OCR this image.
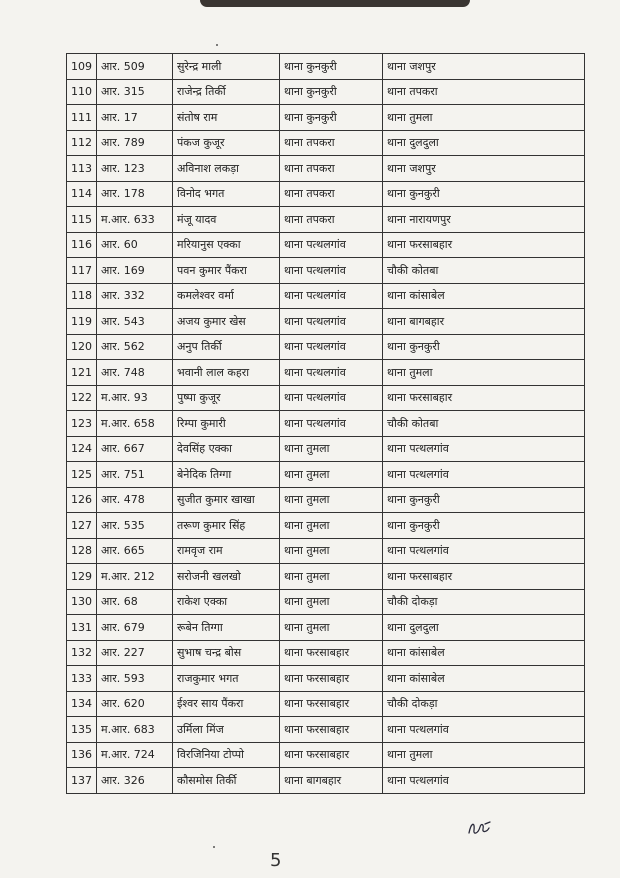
109	आर. 509	सुरेन्द्र माली	थाना कुनकुरी	थाना जशपुर
110	आर. 315	राजेन्द्र तिर्की	थाना कुनकुरी	थाना तपकरा
111	आर. 17	संतोष राम	थाना कुनकुरी	थाना तुमला
112	आर. 789	पंकज कुजूर	थाना तपकरा	थाना दुलदुला
113	आर. 123	अविनाश लकड़ा	थाना तपकरा	थाना जशपुर
114	आर. 178	विनोद भगत	थाना तपकरा	थाना कुनकुरी
115	म.आर. 633	मंजू यादव	थाना तपकरा	थाना नारायणपुर
116	आर. 60	मरियानुस एक्का	थाना पत्थलगांव	थाना फरसाबहार
117	आर. 169	पवन कुमार पैंकरा	थाना पत्थलगांव	चौकी कोतबा
118	आर. 332	कमलेश्वर वर्मा	थाना पत्थलगांव	थाना कांसाबेल
119	आर. 543	अजय कुमार खेस	थाना पत्थलगांव	थाना बागबहार
120	आर. 562	अनुप तिर्की	थाना पत्थलगांव	थाना कुनकुरी
121	आर. 748	भवानी लाल कहरा	थाना पत्थलगांव	थाना तुमला
122	म.आर. 93	पुष्पा कुजूर	थाना पत्थलगांव	थाना फरसाबहार
123	म.आर. 658	रिम्पा कुमारी	थाना पत्थलगांव	चौकी कोतबा
124	आर. 667	देवसिंह एक्का	थाना तुमला	थाना पत्थलगांव
125	आर. 751	बेनेदिक तिग्गा	थाना तुमला	थाना पत्थलगांव
126	आर. 478	सुजीत कुमार खाखा	थाना तुमला	थाना कुनकुरी
127	आर. 535	तरूण कुमार सिंह	थाना तुमला	थाना कुनकुरी
128	आर. 665	रामवृज राम	थाना तुमला	थाना पत्थलगांव
129	म.आर. 212	सरोजनी खलखो	थाना तुमला	थाना फरसाबहार
130	आर. 68	राकेश एक्का	थाना तुमला	चौकी दोकड़ा
131	आर. 679	रूबेन तिग्गा	थाना तुमला	थाना दुलदुला
132	आर. 227	सुभाष चन्द्र बोस	थाना फरसाबहार	थाना कांसाबेल
133	आर. 593	राजकुमार भगत	थाना फरसाबहार	थाना कांसाबेल
134	आर. 620	ईश्वर साय पैंकरा	थाना फरसाबहार	चौकी दोकड़ा
135	म.आर. 683	उर्मिला मिंज	थाना फरसाबहार	थाना पत्थलगांव
136	म.आर. 724	विरजिनिया टोप्पो	थाना फरसाबहार	थाना तुमला
137	आर. 326	कौसमोस तिर्की	थाना बागबहार	थाना पत्थलगांव
5
